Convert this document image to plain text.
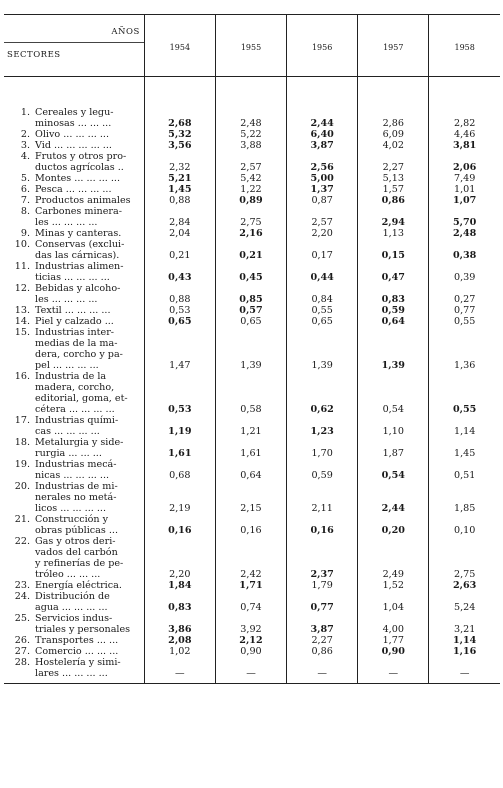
AÑOS
SECTORES	1954	1955	1956	1957	1958

1. Cereales y legu-
minosas ... ... ...	2,68	2,48	2,44	2,86	2,82

2. Olivo ... ... ... ...	5,32	5,22	6,40	6,09	4,46

3. Vid ... ... ... ... ...	3,56	3,88	3,87	4,02	3,81

4. Frutos y otros pro-
ductos agrícolas ..	2,32	2,57	2,56	2,27	2,06

5. Montes ... ... ... ...	5,21	5,42	5,00	5,13	7,49

6. Pesca ... ... ... ...	1,45	1,22	1,37	1,57	1,01

7. Productos animales	0,88	0,89	0,87	0,86	1,07

8. Carbones minera-
les ... ... ... ...	2,84	2,75	2,57	2,94	5,70

9. Minas y canteras.	2,04	2,16	2,20	1,13	2,48

10. Conservas (exclui-
das las cárnicas).	0,21	0,21	0,17	0,15	0,38

11. Industrias alimen-
ticias ... ... ... ...	0,43	0,45	0,44	0,47	0,39

12. Bebidas y alcoho-
les ... ... ... ...	0,88	0,85	0,84	0,83	0,27

13. Textil ... ... ... ...	0,53	0,57	0,55	0,59	0,77

14. Piel y calzado ...	0,65	0,65	0,65	0,64	0,55

15. Industrias inter-
medias de la ma-
dera, corcho y pa-
pel ... ... ... ...	1,47	1,39	1,39	1,39	1,36

16. Industria de la
madera, corcho,
editorial, goma, et-
cétera ... ... ... ...	0,53	0,58	0,62	0,54	0,55

17. Industrias quími-
cas ... ... ... ...	1,19	1,21	1,23	1,10	1,14

18. Metalurgia y side-
rurgia ... ... ...	1,61	1,61	1,70	1,87	1,45

19. Industrias mecá-
nicas ... ... ... ...	0,68	0,64	0,59	0,54	0,51

20. Industrias de mi-
nerales no metá-
licos ... ... ... ...	2,19	2,15	2,11	2,44	1,85

21. Construcción y
obras públicas ...	0,16	0,16	0,16	0,20	0,10

22. Gas y otros deri-
vados del carbón
y refinerías de pe-
tróleo ... ... ...	2,20	2,42	2,37	2,49	2,75

23. Energía eléctrica.	1,84	1,71	1,79	1,52	2,63

24. Distribución de
agua ... ... ... ...	0,83	0,74	0,77	1,04	5,24

25. Servicios indus-
triales y personales	3,86	3,92	3,87	4,00	3,21

26. Transportes ... ...	2,08	2,12	2,27	1,77	1,14

27. Comercio ... ... ...	1,02	0,90	0,86	0,90	1,16

28. Hostelería y simi-
lares ... ... ... ...	—	—	—	—	—
